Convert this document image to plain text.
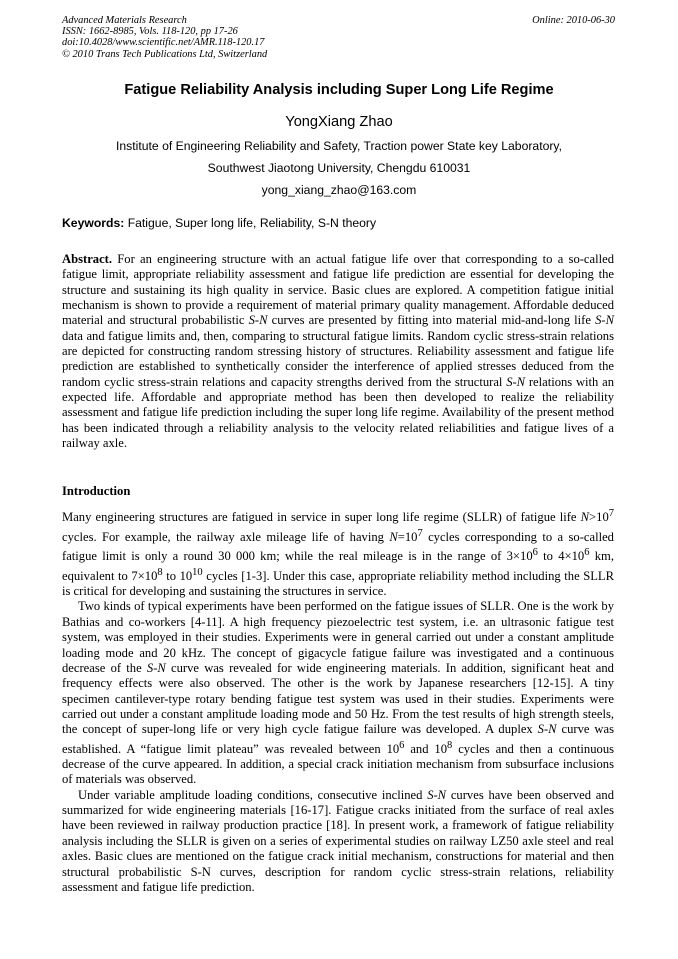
Advanced Materials Research
ISSN: 1662-8985, Vols. 118-120, pp 17-26
doi:10.4028/www.scientific.net/AMR.118-120.17
© 2010 Trans Tech Publications Ltd, Switzerland
Online: 2010-06-30
Fatigue Reliability Analysis including Super Long Life Regime
YongXiang Zhao
Institute of Engineering Reliability and Safety, Traction power State key Laboratory,
Southwest Jiaotong University, Chengdu 610031
yong_xiang_zhao@163.com
Keywords: Fatigue, Super long life, Reliability, S-N theory
Abstract. For an engineering structure with an actual fatigue life over that corresponding to a so-called fatigue limit, appropriate reliability assessment and fatigue life prediction are essential for developing the structure and sustaining its high quality in service. Basic clues are explored. A competition fatigue initial mechanism is shown to provide a requirement of material primary quality management. Affordable deduced material and structural probabilistic S-N curves are presented by fitting into material mid-and-long life S-N data and fatigue limits and, then, comparing to structural fatigue limits. Random cyclic stress-strain relations are depicted for constructing random stressing history of structures. Reliability assessment and fatigue life prediction are established to synthetically consider the interference of applied stresses deduced from the random cyclic stress-strain relations and capacity strengths derived from the structural S-N relations with an expected life. Affordable and appropriate method has been then developed to realize the reliability assessment and fatigue life prediction including the super long life regime. Availability of the present method has been indicated through a reliability analysis to the velocity related reliabilities and fatigue lives of a railway axle.
Introduction

Many engineering structures are fatigued in service in super long life regime (SLLR) of fatigue life $N>10^7$ cycles. For example, the railway axle mileage life of having $N=10^7$ cycles corresponding to a so-called fatigue limit is only a round 30 000 km; while the real mileage is in the range of $3\times 10^6$ to $4\times 10^6$ km, equivalent to $7\times 10^8$ to $10^{10}$ cycles [1-3]. Under this case, appropriate reliability method including the SLLR is critical for developing and sustaining the structures in service.

Two kinds of typical experiments have been performed on the fatigue issues of SLLR. One is the work by Bathias and co-workers [4-11]. A high frequency piezoelectric test system, i.e. an ultrasonic fatigue test system, was employed in their studies. Experiments were in general carried out under a constant amplitude loading mode and 20 kHz. The concept of gigacycle fatigue failure was investigated and a continuous decrease of the S-N curve was revealed for wide engineering materials. In addition, significant heat and frequency effects were also observed. The other is the work by Japanese researchers [12-15]. A tiny specimen cantilever-type rotary bending fatigue test system was used in their studies. Experiments were carried out under a constant amplitude loading mode and 50 Hz. From the test results of high strength steels, the concept of super-long life or very high cycle fatigue failure was developed. A duplex S-N curve was established. A “fatigue limit plateau” was revealed between $10^6$ and $10^8$ cycles and then a continuous decrease of the curve appeared. In addition, a special crack initiation mechanism from subsurface inclusions of materials was observed.

Under variable amplitude loading conditions, consecutive inclined S-N curves have been observed and summarized for wide engineering materials [16-17]. Fatigue cracks initiated from the surface of real axles have been reviewed in railway production practice [18]. In present work, a framework of fatigue reliability analysis including the SLLR is given on a series of experimental studies on railway LZ50 axle steel and real axles. Basic clues are mentioned on the fatigue crack initial mechanism, constructions for material and then structural probabilistic S-N curves, description for random cyclic stress-strain relations, reliability assessment and fatigue life prediction.
